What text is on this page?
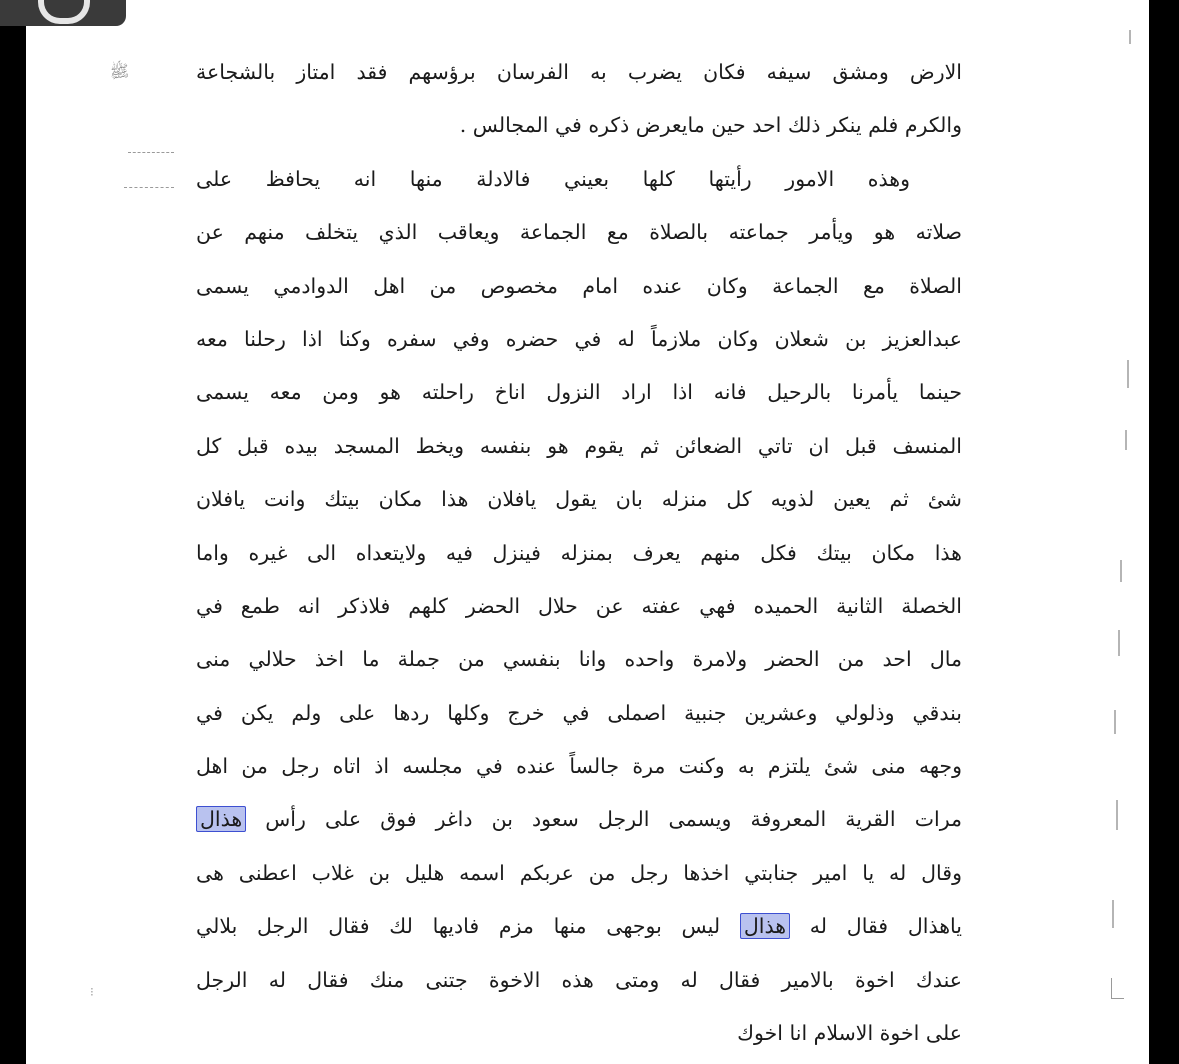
ﷺ
⁝
الارض ومشق سيفه فكان يضرب به الفرسان برؤسهم فقد امتاز بالشجاعة
والكرم فلم ينكر ذلك احد حين مايعرض ذكره في المجالس .
وهذه الامور رأيتها كلها بعيني فالادلة منها انه يحافظ على
صلاته هو ويأمر جماعته بالصلاة مع الجماعة ويعاقب الذي يتخلف منهم عن
الصلاة مع الجماعة وكان عنده امام مخصوص من اهل الدوادمي يسمى
عبدالعزيز بن شعلان وكان ملازماً له في حضره وفي سفره وكنا اذا رحلنا معه
حينما يأمرنا بالرحيل فانه اذا اراد النزول اناخ راحلته هو ومن معه يسمى
المنسف قبل ان تاتي الضعائن ثم يقوم هو بنفسه ويخط المسجد بيده قبل كل
شئ ثم يعين لذويه كل منزله بان يقول يافلان هذا مكان بيتك وانت يافلان
هذا مكان بيتك فكل منهم يعرف بمنزله فينزل فيه ولايتعداه الى غيره واما
الخصلة الثانية الحميده فهي عفته عن حلال الحضر كلهم فلاذكر انه طمع في
مال احد من الحضر ولامرة واحده وانا بنفسي من جملة ما اخذ حلالي منى
بندقي وذلولي وعشرين جنبية اصملى في خرج وكلها ردها على ولم يكن في
وجهه منى شئ يلتزم به وكنت مرة جالساً عنده في مجلسه اذ اتاه رجل من اهل
مرات القرية المعروفة ويسمى الرجل سعود بن داغر فوق على رأس هذال
وقال له يا امير جنابتي اخذها رجل من عربكم اسمه هليل بن غلاب اعطنى هى
ياهذال فقال له هذال ليس بوجهى منها مزم فاديها لك فقال الرجل بلالي
عندك اخوة بالامير فقال له ومتى هذه الاخوة جتنى منك فقال له الرجل
على اخوة الاسلام انا اخوك
